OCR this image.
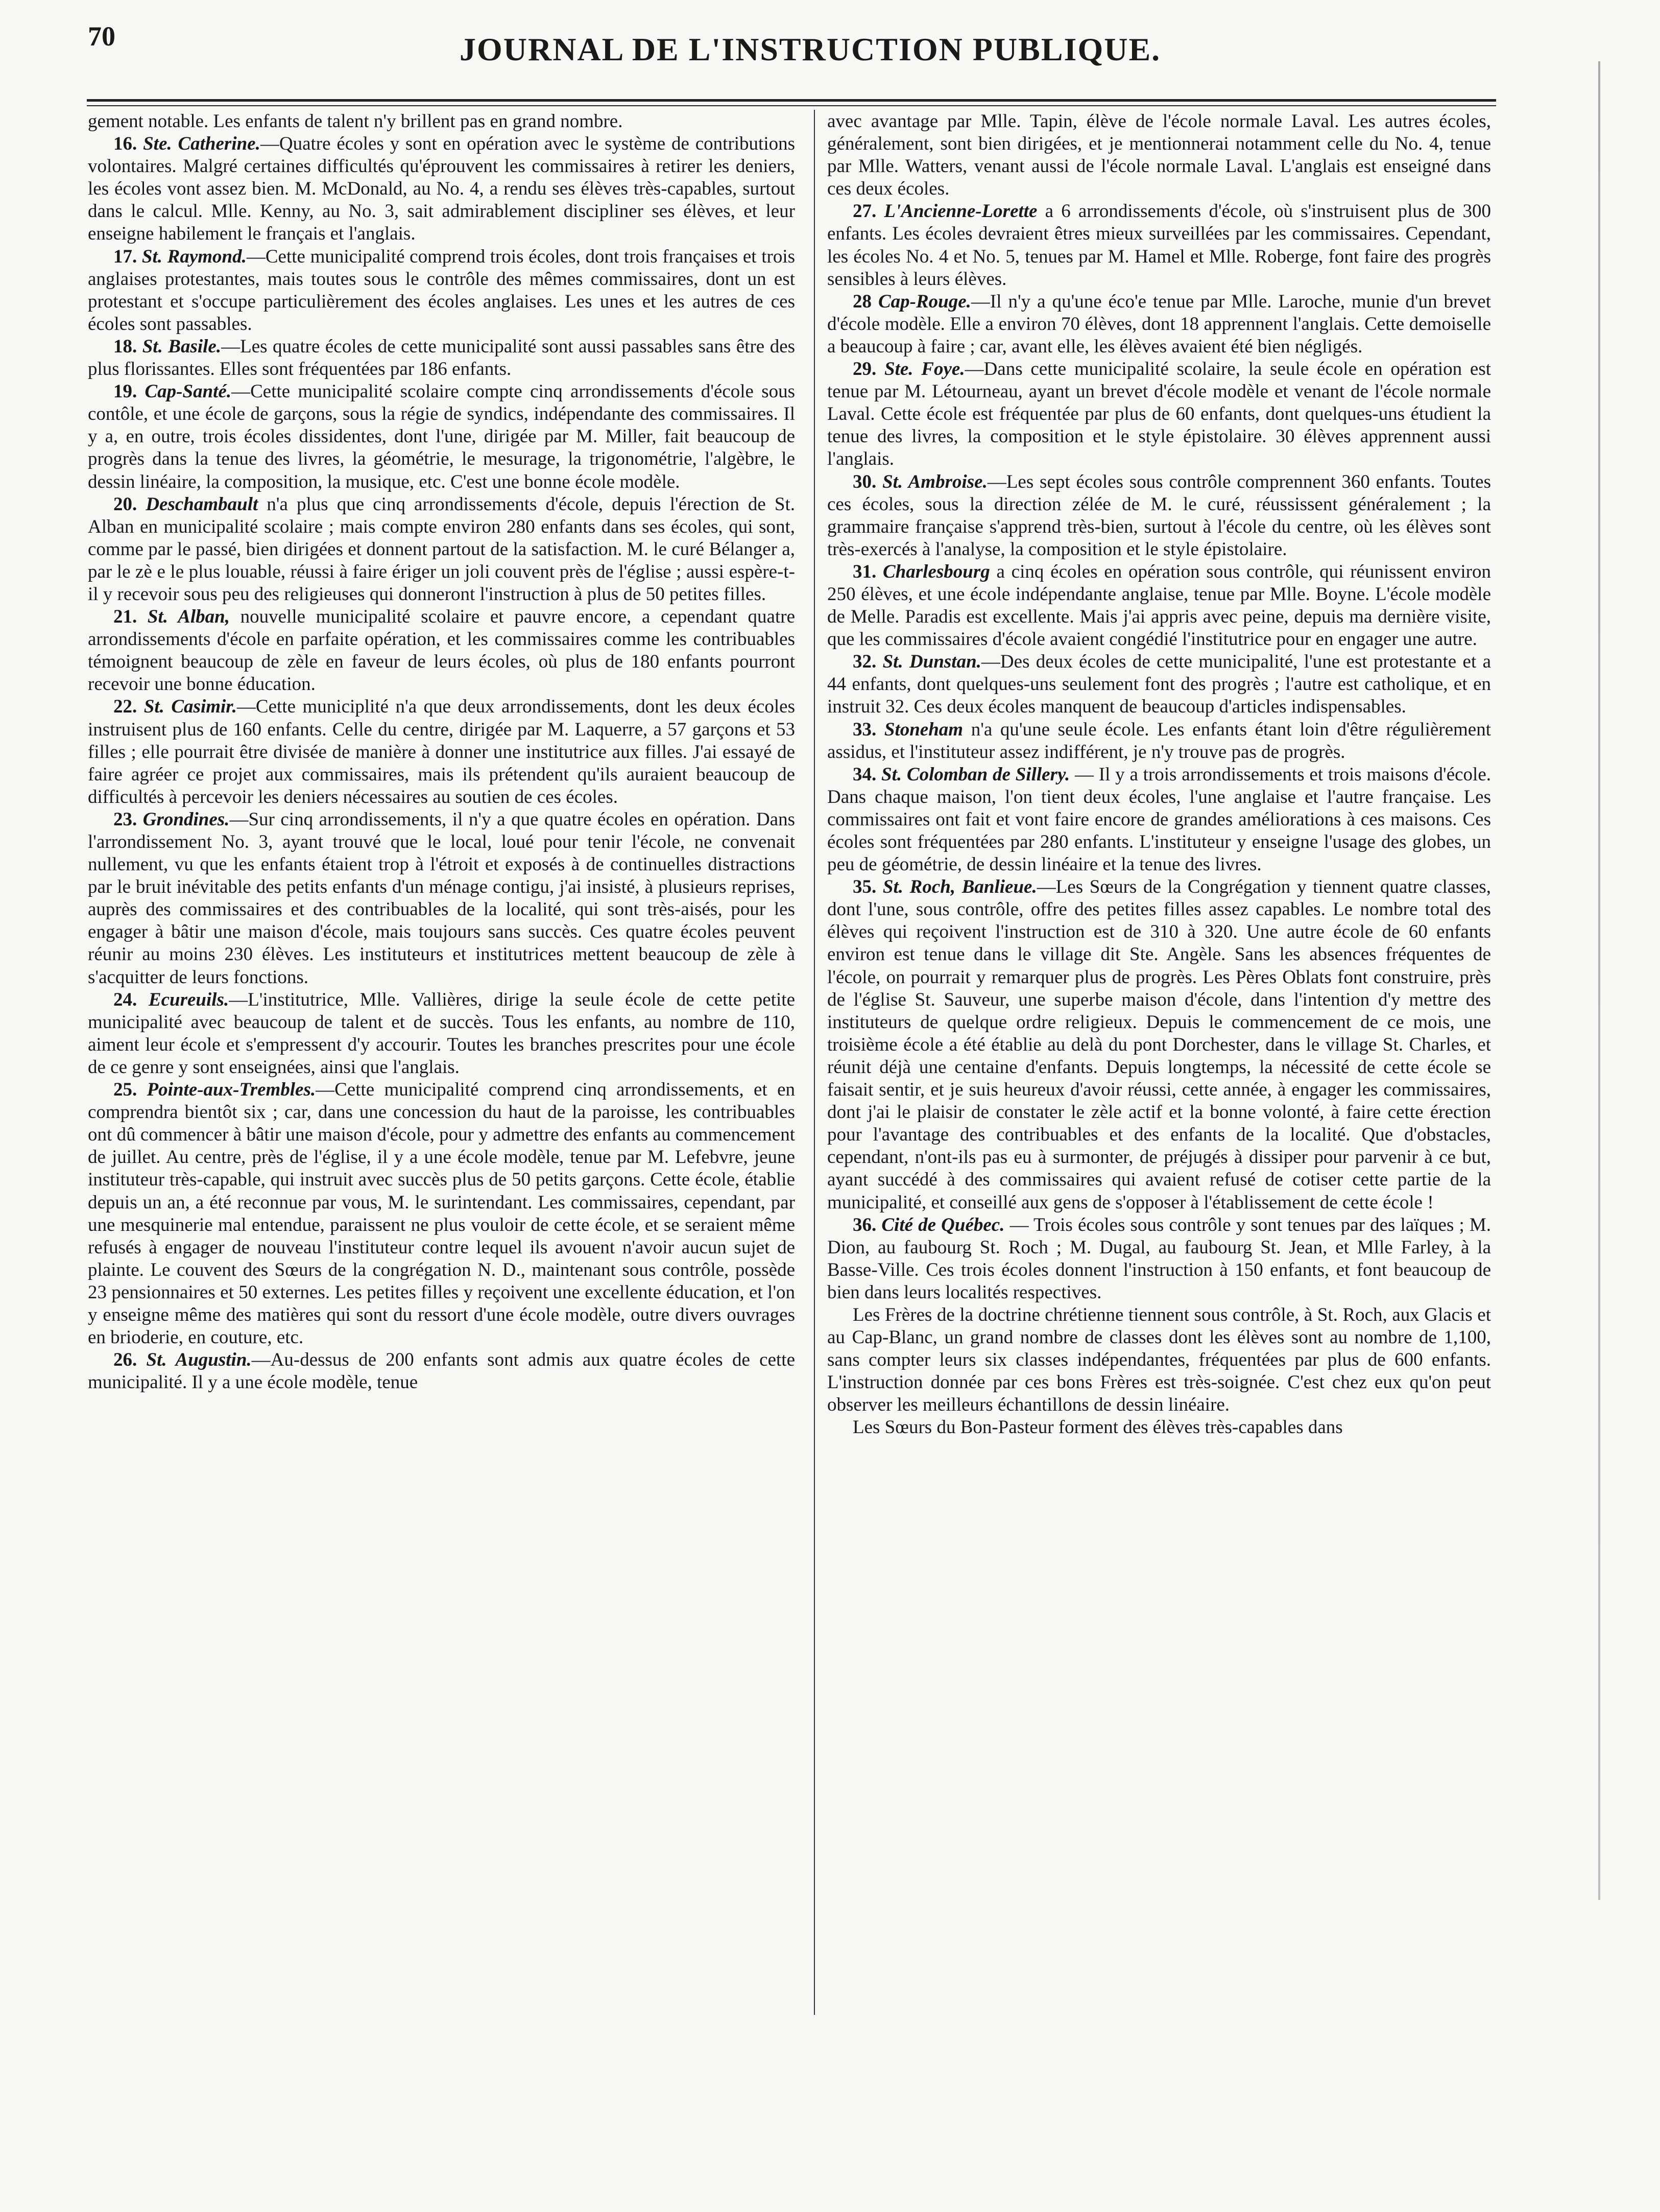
70	JOURNAL DE L'INSTRUCTION PUBLIQUE.

gement notable. Les enfants de talent n'y brillent pas en grand nombre.

16. Ste. Catherine.—Quatre écoles y sont en opération avec le système de contributions volontaires. Malgré certaines difficultés qu'éprouvent les commissaires à retirer les deniers, les écoles vont assez bien. M. McDonald, au No. 4, a rendu ses élèves très-capables, surtout dans le calcul. Mlle. Kenny, au No. 3, sait admirablement discipliner ses élèves, et leur enseigne habilement le français et l'anglais.

17. St. Raymond.—Cette municipalité comprend trois écoles, dont trois françaises et trois anglaises protestantes, mais toutes sous le contrôle des mêmes commissaires, dont un est protestant et s'occupe particulièrement des écoles anglaises. Les unes et les autres de ces écoles sont passables.

18. St. Basile.—Les quatre écoles de cette municipalité sont aussi passables sans être des plus florissantes. Elles sont fréquentées par 186 enfants.

19. Cap-Santé.—Cette municipalité scolaire compte cinq arrondissements d'école sous contôle, et une école de garçons, sous la régie de syndics, indépendante des commissaires. Il y a, en outre, trois écoles dissidentes, dont l'une, dirigée par M. Miller, fait beaucoup de progrès dans la tenue des livres, la géométrie, le mesurage, la trigonométrie, l'algèbre, le dessin linéaire, la composition, la musique, etc. C'est une bonne école modèle.

20. Deschambault n'a plus que cinq arrondissements d'école, depuis l'érection de St. Alban en municipalité scolaire ; mais compte environ 280 enfants dans ses écoles, qui sont, comme par le passé, bien dirigées et donnent partout de la satisfaction. M. le curé Bélanger a, par le zè e le plus louable, réussi à faire ériger un joli couvent près de l'église ; aussi espère-t-il y recevoir sous peu des religieuses qui donneront l'instruction à plus de 50 petites filles.

21. St. Alban, nouvelle municipalité scolaire et pauvre encore, a cependant quatre arrondissements d'école en parfaite opération, et les commissaires comme les contribuables témoignent beaucoup de zèle en faveur de leurs écoles, où plus de 180 enfants pourront recevoir une bonne éducation.

22. St. Casimir.—Cette municiplité n'a que deux arrondissements, dont les deux écoles instruisent plus de 160 enfants. Celle du centre, dirigée par M. Laquerre, a 57 garçons et 53 filles ; elle pourrait être divisée de manière à donner une institutrice aux filles. J'ai essayé de faire agréer ce projet aux commissaires, mais ils prétendent qu'ils auraient beaucoup de difficultés à percevoir les deniers nécessaires au soutien de ces écoles.

23. Grondines.—Sur cinq arrondissements, il n'y a que quatre écoles en opération. Dans l'arrondissement No. 3, ayant trouvé que le local, loué pour tenir l'école, ne convenait nullement, vu que les enfants étaient trop à l'étroit et exposés à de continuelles distractions par le bruit inévitable des petits enfants d'un ménage contigu, j'ai insisté, à plusieurs reprises, auprès des commissaires et des contribuables de la localité, qui sont très-aisés, pour les engager à bâtir une maison d'école, mais toujours sans succès. Ces quatre écoles peuvent réunir au moins 230 élèves. Les instituteurs et institutrices mettent beaucoup de zèle à s'acquitter de leurs fonctions.

24. Ecureuils.—L'institutrice, Mlle. Vallières, dirige la seule école de cette petite municipalité avec beaucoup de talent et de succès. Tous les enfants, au nombre de 110, aiment leur école et s'empressent d'y accourir. Toutes les branches prescrites pour une école de ce genre y sont enseignées, ainsi que l'anglais.

25. Pointe-aux-Trembles.—Cette municipalité comprend cinq arrondissements, et en comprendra bientôt six ; car, dans une concession du haut de la paroisse, les contribuables ont dû commencer à bâtir une maison d'école, pour y admettre des enfants au commencement de juillet. Au centre, près de l'église, il y a une école modèle, tenue par M. Lefebvre, jeune instituteur très-capable, qui instruit avec succès plus de 50 petits garçons. Cette école, établie depuis un an, a été reconnue par vous, M. le surintendant. Les commissaires, cependant, par une mesquinerie mal entendue, paraissent ne plus vouloir de cette école, et se seraient même refusés à engager de nouveau l'instituteur contre lequel ils avouent n'avoir aucun sujet de plainte. Le couvent des Sœurs de la congrégation N. D., maintenant sous contrôle, possède 23 pensionnaires et 50 externes. Les petites filles y reçoivent une excellente éducation, et l'on y enseigne même des matières qui sont du ressort d'une école modèle, outre divers ouvrages en brioderie, en couture, etc.

26. St. Augustin.—Au-dessus de 200 enfants sont admis aux quatre écoles de cette municipalité. Il y a une école modèle, tenue

avec avantage par Mlle. Tapin, élève de l'école normale Laval. Les autres écoles, généralement, sont bien dirigées, et je mentionnerai notamment celle du No. 4, tenue par Mlle. Watters, venant aussi de l'école normale Laval. L'anglais est enseigné dans ces deux écoles.

27. L'Ancienne-Lorette a 6 arrondissements d'école, où s'instruisent plus de 300 enfants. Les écoles devraient êtres mieux surveillées par les commissaires. Cependant, les écoles No. 4 et No. 5, tenues par M. Hamel et Mlle. Roberge, font faire des progrès sensibles à leurs élèves.

28 Cap-Rouge.—Il n'y a qu'une éco'e tenue par Mlle. Laroche, munie d'un brevet d'école modèle. Elle a environ 70 élèves, dont 18 apprennent l'anglais. Cette demoiselle a beaucoup à faire ; car, avant elle, les élèves avaient été bien négligés.

29. Ste. Foye.—Dans cette municipalité scolaire, la seule école en opération est tenue par M. Létourneau, ayant un brevet d'école modèle et venant de l'école normale Laval. Cette école est fréquentée par plus de 60 enfants, dont quelques-uns étudient la tenue des livres, la composition et le style épistolaire. 30 élèves apprennent aussi l'anglais.

30. St. Ambroise.—Les sept écoles sous contrôle comprennent 360 enfants. Toutes ces écoles, sous la direction zélée de M. le curé, réussissent généralement ; la grammaire française s'apprend très-bien, surtout à l'école du centre, où les élèves sont très-exercés à l'analyse, la composition et le style épistolaire.

31. Charlesbourg a cinq écoles en opération sous contrôle, qui réunissent environ 250 élèves, et une école indépendante anglaise, tenue par Mlle. Boyne. L'école modèle de Melle. Paradis est excellente. Mais j'ai appris avec peine, depuis ma dernière visite, que les commissaires d'école avaient congédié l'institutrice pour en engager une autre.

32. St. Dunstan.—Des deux écoles de cette municipalité, l'une est protestante et a 44 enfants, dont quelques-uns seulement font des progrès ; l'autre est catholique, et en instruit 32. Ces deux écoles manquent de beaucoup d'articles indispensables.

33. Stoneham n'a qu'une seule école. Les enfants étant loin d'être régulièrement assidus, et l'instituteur assez indifférent, je n'y trouve pas de progrès.

34. St. Colomban de Sillery. — Il y a trois arrondissements et trois maisons d'école. Dans chaque maison, l'on tient deux écoles, l'une anglaise et l'autre française. Les commissaires ont fait et vont faire encore de grandes améliorations à ces maisons. Ces écoles sont fréquentées par 280 enfants. L'instituteur y enseigne l'usage des globes, un peu de géométrie, de dessin linéaire et la tenue des livres.

35. St. Roch, Banlieue.—Les Sœurs de la Congrégation y tiennent quatre classes, dont l'une, sous contrôle, offre des petites filles assez capables. Le nombre total des élèves qui reçoivent l'instruction est de 310 à 320. Une autre école de 60 enfants environ est tenue dans le village dit Ste. Angèle. Sans les absences fréquentes de l'école, on pourrait y remarquer plus de progrès. Les Pères Oblats font construire, près de l'église St. Sauveur, une superbe maison d'école, dans l'intention d'y mettre des instituteurs de quelque ordre religieux. Depuis le commencement de ce mois, une troisième école a été établie au delà du pont Dorchester, dans le village St. Charles, et réunit déjà une centaine d'enfants. Depuis longtemps, la nécessité de cette école se faisait sentir, et je suis heureux d'avoir réussi, cette année, à engager les commissaires, dont j'ai le plaisir de constater le zèle actif et la bonne volonté, à faire cette érection pour l'avantage des contribuables et des enfants de la localité. Que d'obstacles, cependant, n'ont-ils pas eu à surmonter, de préjugés à dissiper pour parvenir à ce but, ayant succédé à des commissaires qui avaient refusé de cotiser cette partie de la municipalité, et conseillé aux gens de s'opposer à l'établissement de cette école !

36. Cité de Québec. — Trois écoles sous contrôle y sont tenues par des laïques ; M. Dion, au faubourg St. Roch ; M. Dugal, au faubourg St. Jean, et Mlle Farley, à la Basse-Ville. Ces trois écoles donnent l'instruction à 150 enfants, et font beaucoup de bien dans leurs localités respectives.

Les Frères de la doctrine chrétienne tiennent sous contrôle, à St. Roch, aux Glacis et au Cap-Blanc, un grand nombre de classes dont les élèves sont au nombre de 1,100, sans compter leurs six classes indépendantes, fréquentées par plus de 600 enfants. L'instruction donnée par ces bons Frères est très-soignée. C'est chez eux qu'on peut observer les meilleurs échantillons de dessin linéaire.

Les Sœurs du Bon-Pasteur forment des élèves très-capables dans
